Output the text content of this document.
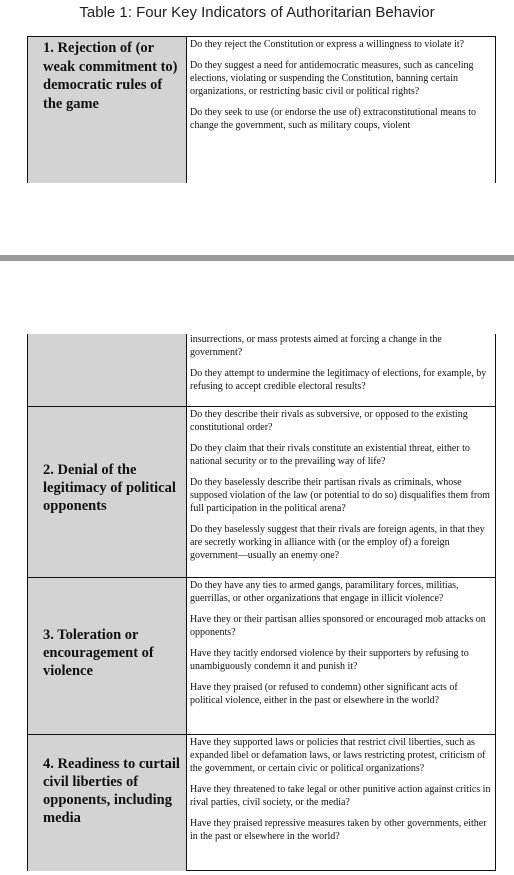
Table 1: Four Key Indicators of Authoritarian Behavior
1. Rejection of (or weak commitment to) democratic rules of the game

Do they reject the Constitution or express a willingness to violate it?

Do they suggest a need for antidemocratic measures, such as canceling elections, violating or suspending the Constitution, banning certain organizations, or restricting basic civil or political rights?

Do they seek to use (or endorse the use of) extraconstitutional means to change the government, such as military coups, violent

insurrections, or mass protests aimed at forcing a change in the government?

Do they attempt to undermine the legitimacy of elections, for example, by refusing to accept credible electoral results?

2. Denial of the legitimacy of political opponents

Do they describe their rivals as subversive, or opposed to the existing constitutional order?

Do they claim that their rivals constitute an existential threat, either to national security or to the prevailing way of life?

Do they baselessly describe their partisan rivals as criminals, whose supposed violation of the law (or potential to do so) disqualifies them from full participation in the political arena?

Do they baselessly suggest that their rivals are foreign agents, in that they are secretly working in alliance with (or the employ of) a foreign government—usually an enemy one?

3. Toleration or encouragement of violence

Do they have any ties to armed gangs, paramilitary forces, militias, guerrillas, or other organizations that engage in illicit violence?

Have they or their partisan allies sponsored or encouraged mob attacks on opponents?

Have they tacitly endorsed violence by their supporters by refusing to unambiguously condemn it and punish it?

Have they praised (or refused to condemn) other significant acts of political violence, either in the past or elsewhere in the world?

4. Readiness to curtail civil liberties of opponents, including media

Have they supported laws or policies that restrict civil liberties, such as expanded libel or defamation laws, or laws restricting protest, criticism of the government, or certain civic or political organizations?

Have they threatened to take legal or other punitive action against critics in rival parties, civil society, or the media?

Have they praised repressive measures taken by other governments, either in the past or elsewhere in the world?
